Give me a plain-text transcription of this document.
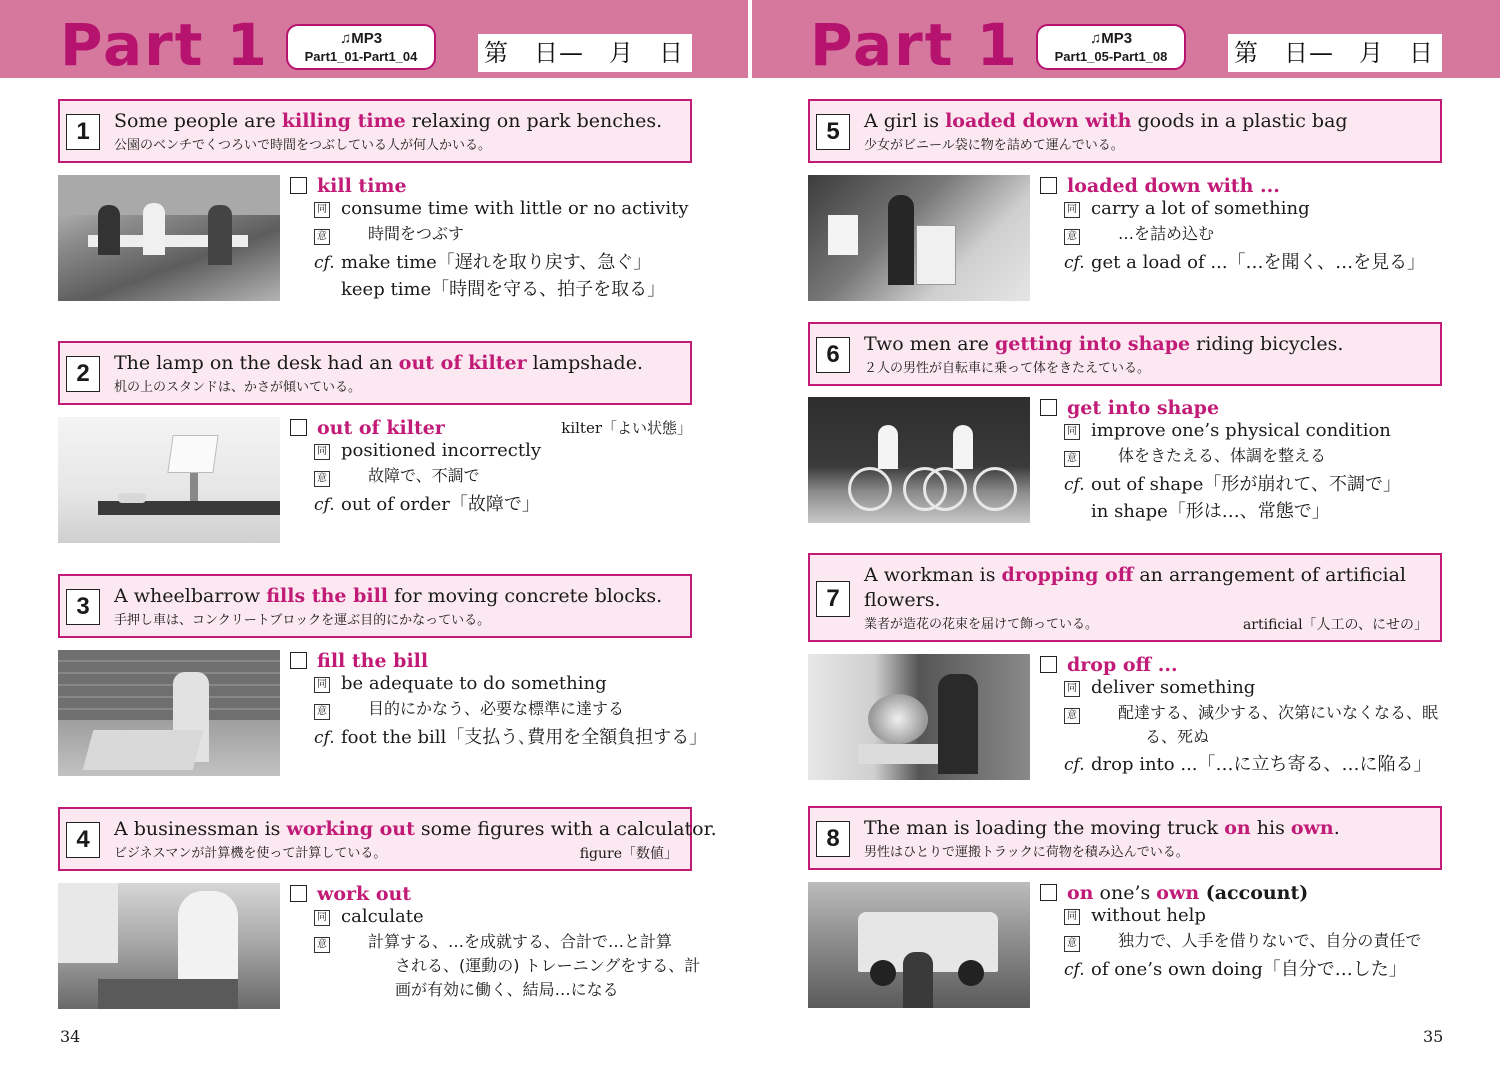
Part 1	♫MP3
Part1_01-Part1_04	第　日—　月　日 Part 1	♫MP3
Part1_05-Part1_08	第　日—　月　日
1	Some people are killing time relaxing on park benches.
公園のベンチでくつろいで時間をつぶしている人が何人かいる。
kill time
同 consume time with little or no activity
意	時間をつぶす
cf. make time「遅れを取り戻す、急ぐ」
keep time「時間を守る、拍子を取る」
2	The lamp on the desk had an out of kilter lampshade.
机の上のスタンドは、かさが傾いている。
out of kilter	kilter「よい状態」
同 positioned incorrectly
意	故障で、不調で
cf. out of order「故障で」
3	A wheelbarrow fills the bill for moving concrete blocks.
手押し車は、コンクリートブロックを運ぶ目的にかなっている。
fill the bill
同 be adequate to do something
意	目的にかなう、必要な標準に達する
cf. foot the bill「支払う､費用を全額負担する」
4	A businessman is working out some figures with a calculator.
ビジネスマンが計算機を使って計算している。	figure「数値」
work out
同 calculate
意	計算する、…を成就する、合計で…と計算
される、(運動の) トレーニングをする、計
画が有効に働く、結局…になる
5	A girl is loaded down with goods in a plastic bag
少女がビニール袋に物を詰めて運んでいる。
loaded down with ...
同 carry a lot of something
意	…を詰め込む
cf. get a load of ...「…を聞く、…を見る」
6	Two men are getting into shape riding bicycles.
２人の男性が自転車に乗って体をきたえている。
get into shape
同 improve one’s physical condition
意	体をきたえる、体調を整える
cf. out of shape「形が崩れて、不調で」
in shape「形は…、常態で」
7
A workman is dropping off an arrangement of artificial
flowers.
業者が造花の花束を届けて飾っている。	artificial「人工の、にせの」
drop off ...
同 deliver something
意	配達する、減少する、次第にいなくなる、眠
る、死ぬ
cf. drop into ...「…に立ち寄る、…に陥る」
8	The man is loading the moving truck on his own.
男性はひとりで運搬トラックに荷物を積み込んでいる。
on one’s own (account)
同 without help
意	独力で、人手を借りないで、自分の責任で
cf. of one’s own doing「自分で…した」
34	35
